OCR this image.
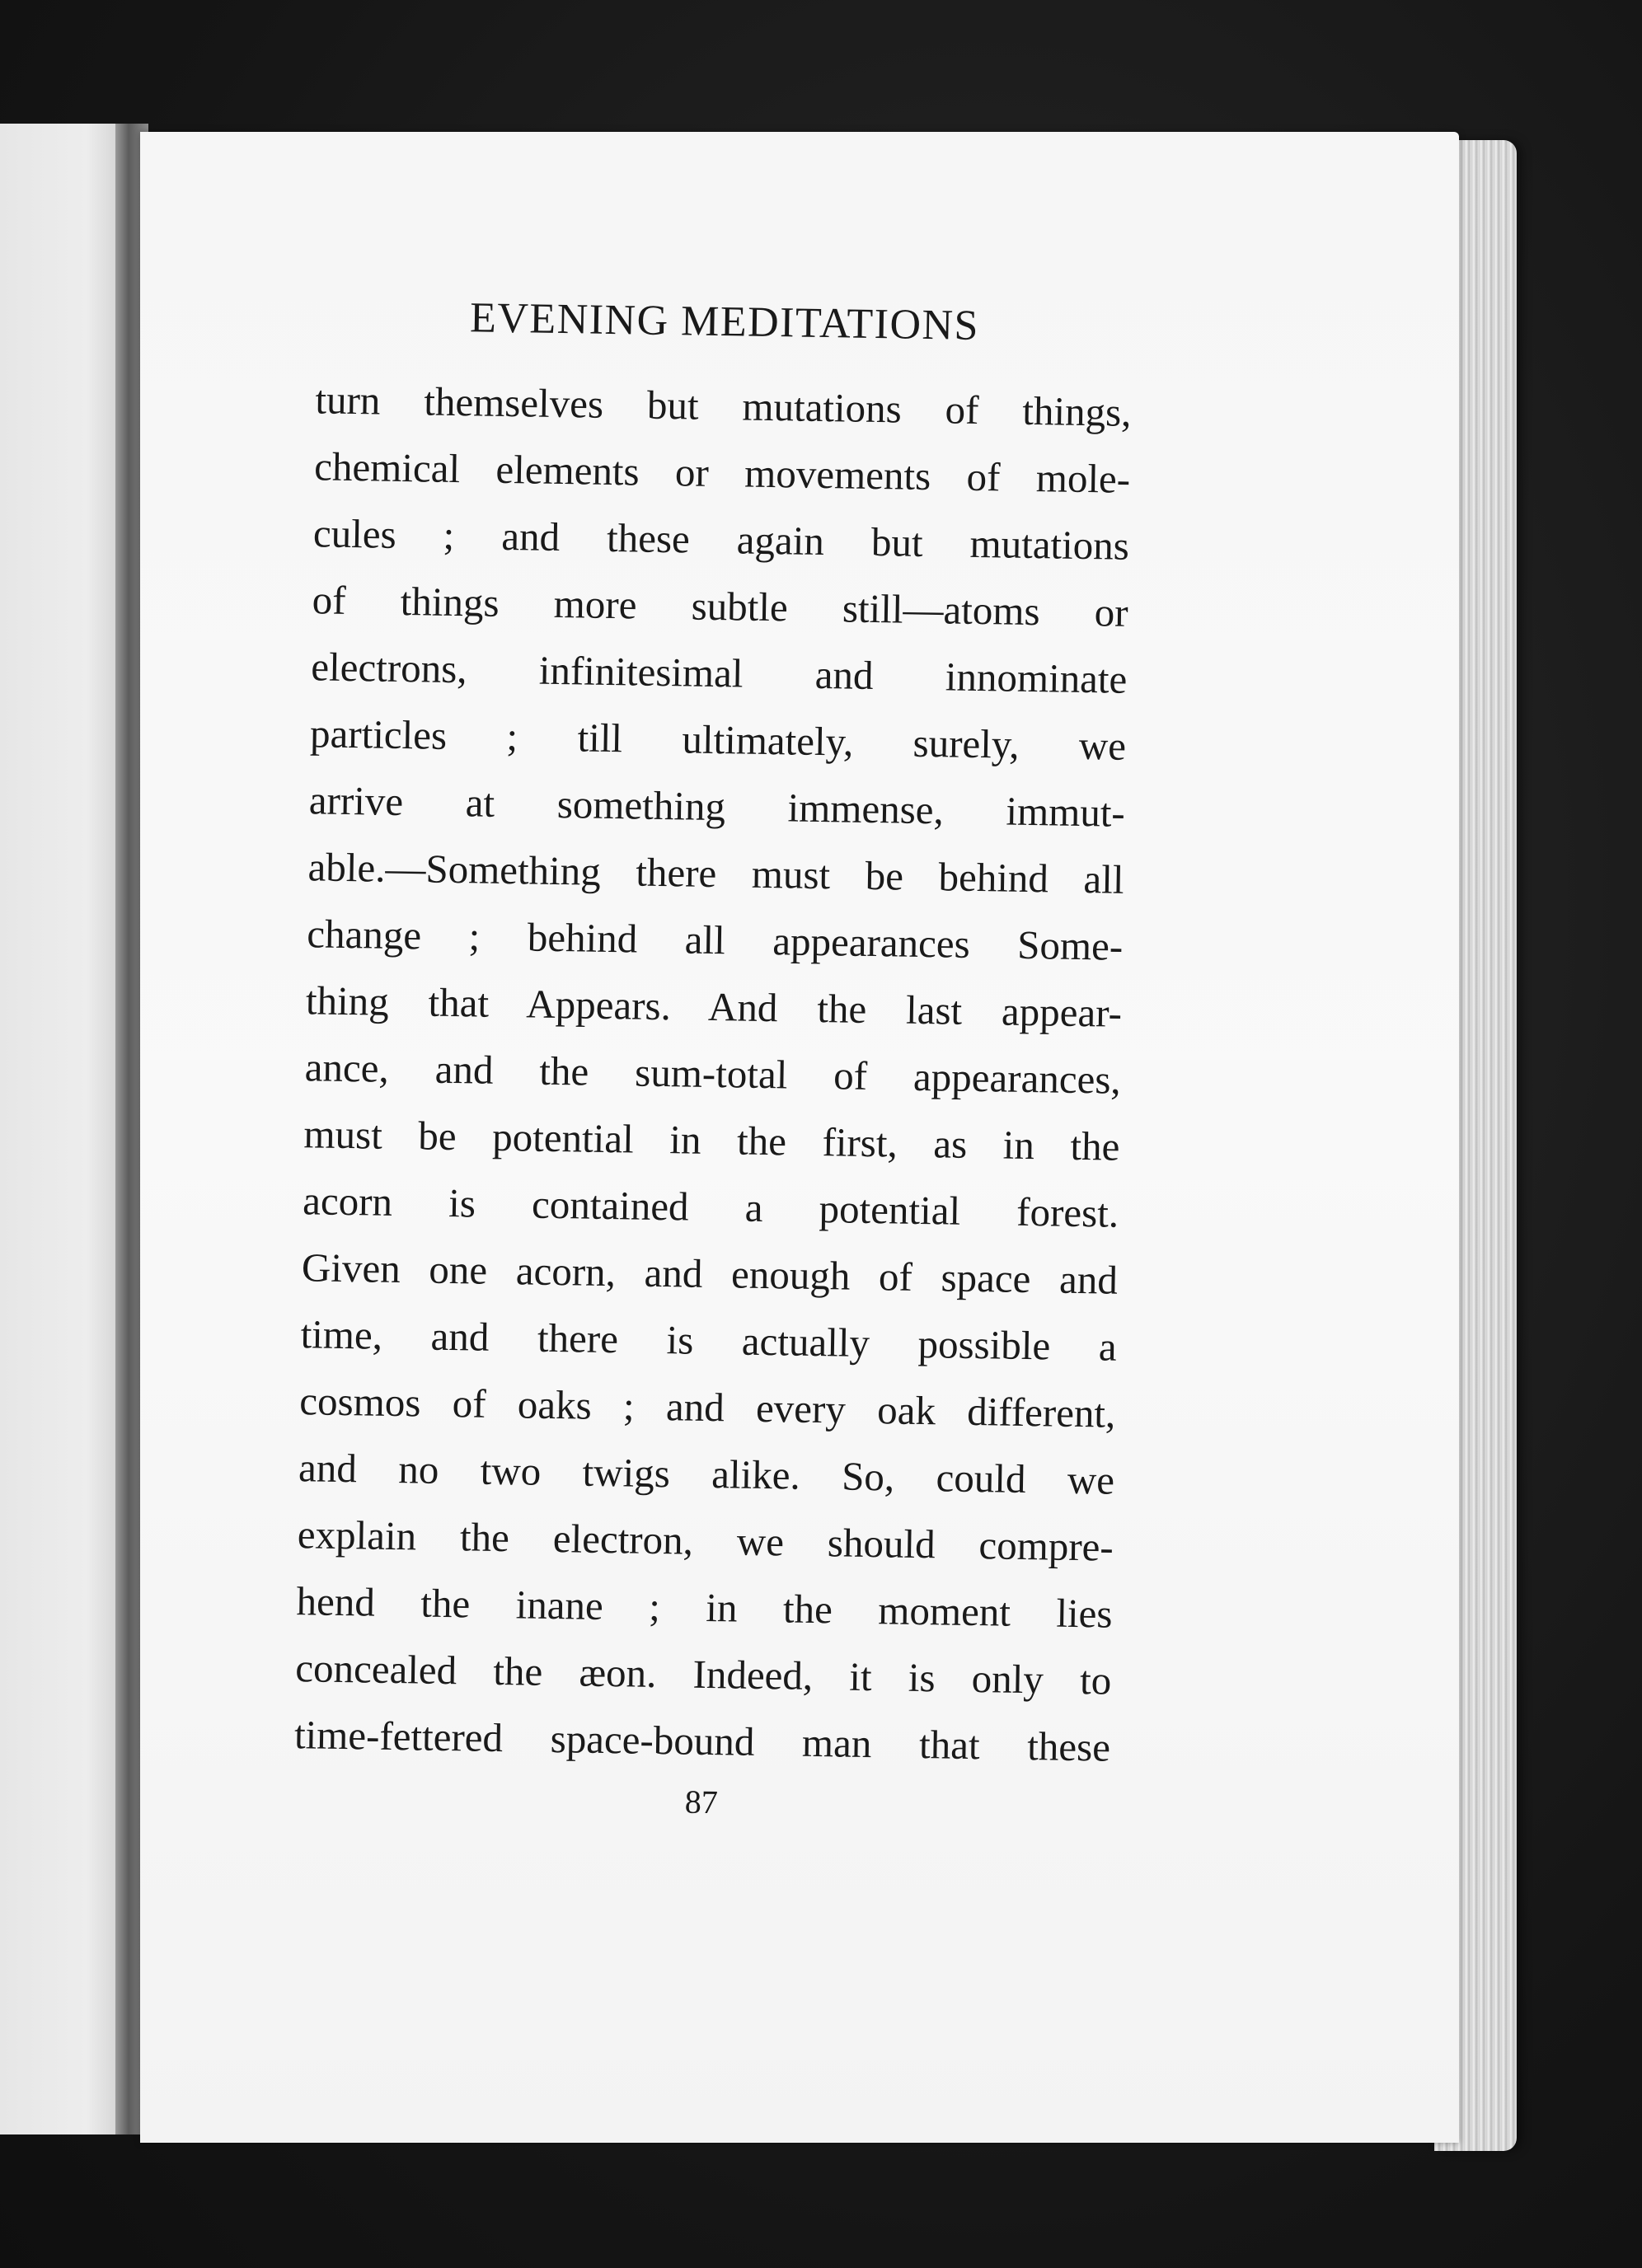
EVENING MEDITATIONS
turn themselves but mutations of things,
chemical elements or movements of mole-
cules ; and these again but mutations
of things more subtle still—atoms or
electrons, infinitesimal and innominate
particles ; till ultimately, surely, we
arrive at something immense, immut-
able.—Something there must be behind all
change ; behind all appearances Some-
thing that Appears. And the last appear-
ance, and the sum-total of appearances,
must be potential in the first, as in the
acorn is contained a potential forest.
Given one acorn, and enough of space and
time, and there is actually possible a
cosmos of oaks ; and every oak different,
and no two twigs alike. So, could we
explain the electron, we should compre-
hend the inane ; in the moment lies
concealed the æon. Indeed, it is only to
time-fettered space-bound man that these
87
